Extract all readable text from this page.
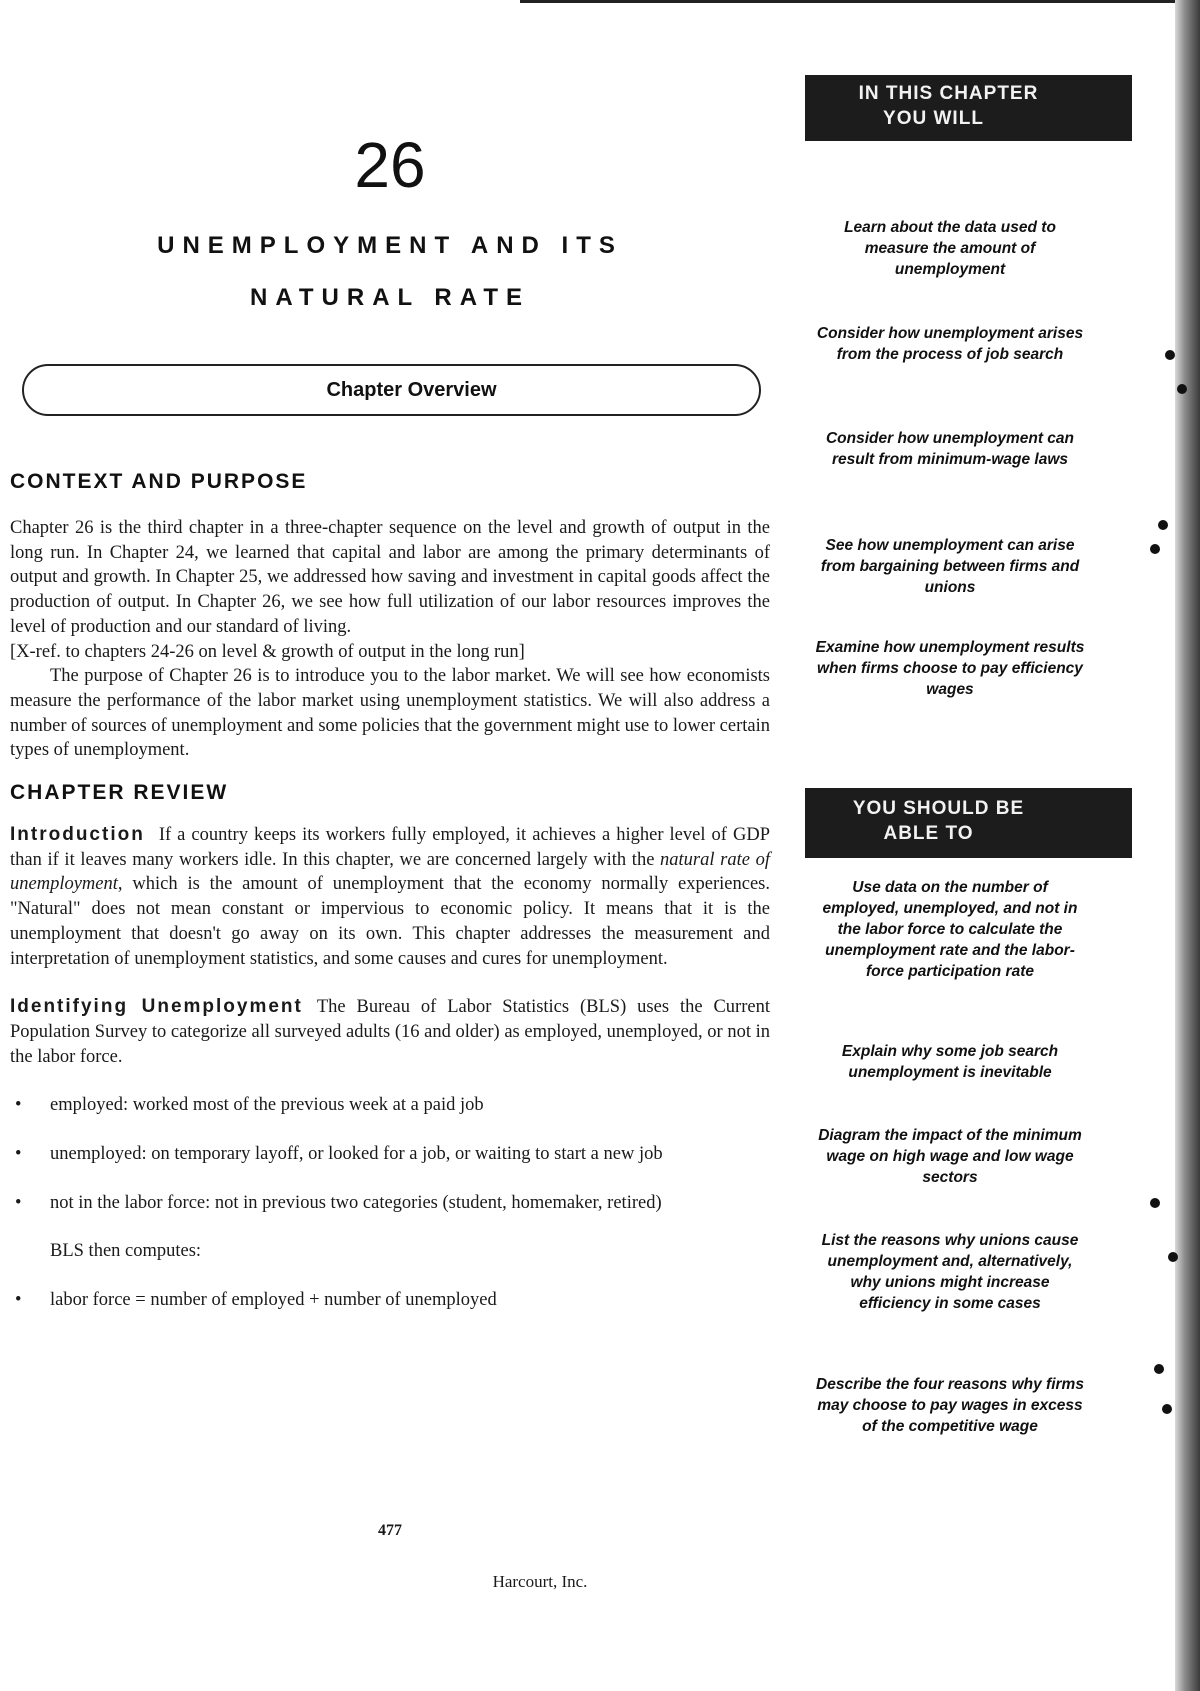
26
UNEMPLOYMENT AND ITS
NATURAL RATE
Chapter Overview
CONTEXT AND PURPOSE

Chapter 26 is the third chapter in a three-chapter sequence on the level and growth of output in the long run. In Chapter 24, we learned that capital and labor are among the primary determinants of output and growth. In Chapter 25, we addressed how saving and investment in capital goods affect the production of output. In Chapter 26, we see how full utilization of our labor resources improves the level of production and our standard of living.

[X-ref. to chapters 24-26 on level & growth of output in the long run]

The purpose of Chapter 26 is to introduce you to the labor market. We will see how economists measure the performance of the labor market using unemployment statistics. We will also address a number of sources of unemployment and some policies that the government might use to lower certain types of unemployment.

CHAPTER REVIEW

Introduction If a country keeps its workers fully employed, it achieves a higher level of GDP than if it leaves many workers idle. In this chapter, we are concerned largely with the natural rate of unemployment, which is the amount of unemployment that the economy normally experiences. "Natural" does not mean constant or impervious to economic policy. It means that it is the unemployment that doesn't go away on its own. This chapter addresses the measurement and interpretation of unemployment statistics, and some causes and cures for unemployment.

Identifying Unemployment The Bureau of Labor Statistics (BLS) uses the Current Population Survey to categorize all surveyed adults (16 and older) as employed, unemployed, or not in the labor force.

• employed: worked most of the previous week at a paid job
• unemployed: on temporary layoff, or looked for a job, or waiting to start a new job
• not in the labor force: not in previous two categories (student, homemaker, retired)

BLS then computes:

• labor force = number of employed + number of unemployed
477
Harcourt, Inc.
IN THIS CHAPTER
YOU WILL
Learn about the data used to measure the amount of unemployment
Consider how unemployment arises from the process of job search
Consider how unemployment can result from minimum-wage laws
See how unemployment can arise from bargaining between firms and unions
Examine how unemployment results when firms choose to pay efficiency wages
YOU SHOULD BE
ABLE TO
Use data on the number of employed, unemployed, and not in the labor force to calculate the unemployment rate and the labor-force participation rate
Explain why some job search unemployment is inevitable
Diagram the impact of the minimum wage on high wage and low wage sectors
List the reasons why unions cause unemployment and, alternatively, why unions might increase efficiency in some cases
Describe the four reasons why firms may choose to pay wages in excess of the competitive wage
